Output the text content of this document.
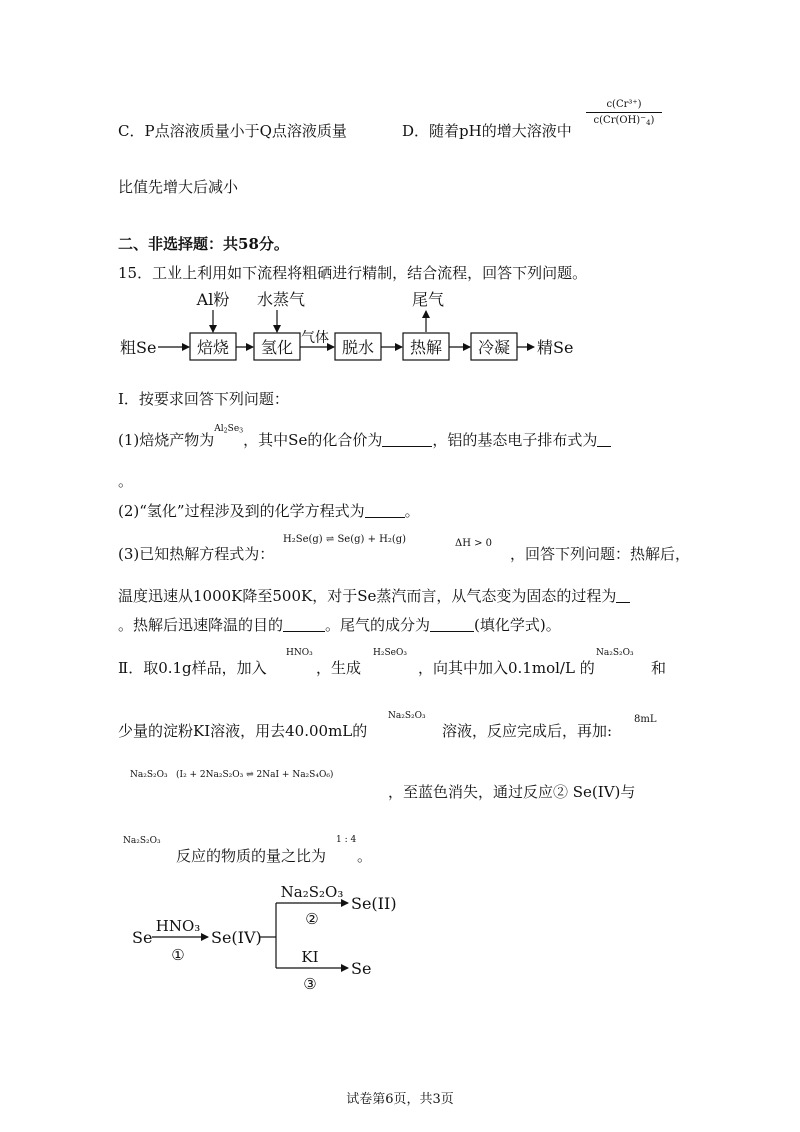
C．P点溶液质量小于Q点溶液质量	D．随着pH的增大溶液中
c(Cr³⁺)
$c(Cr(OH)^-_4)$
比值先增大后减小
二、非选择题：共58分。
15．工业上利用如下流程将粗硒进行精制，结合流程，回答下列问题。
粗Se	焙烧 氢化 气体 脱水 热解 冷凝 精Se
Al粉 水蒸气	尾气
Ⅰ．按要求回答下列问题：
(1)焙烧产物为$^{Al_2Se_3}$，其中Se的化合价为	，铝的基态电子排布式为
。
(2)“氢化”过程涉及到的化学方程式为	。
(3)已知热解方程式为：
H₂Se(g) ⇌ Se(g) + H₂(g)	ΔH > 0
，回答下列问题：热解后，
温度迅速从1000K降至500K，对于Se蒸汽而言，从气态变为固态的过程为
。热解后迅速降温的目的	。尾气的成分为	(填化学式)。
Ⅱ．取0.1g样品，加入
HNO₃
，生成
H₂SeO₃
，向其中加入0.1mol/L 的
Na₂S₂O₃
和
少量的淀粉KI溶液，用去40.00mL的
Na₂S₂O₃
溶液，反应完成后，再加:
8mL
Na₂S₂O₃ (I₂ + 2Na₂S₂O₃ ⇌ 2NaI + Na₂S₄O₆)
，至蓝色消失，通过反应② Se(IV)与
Na₂S₂O₃
反应的物质的量之比为
1 : 4
。
Se
HNO₃
①
Se(IV)
Na₂S₂O₃
②
Se(II)
KI
③
Se
试卷第6页，共3页
